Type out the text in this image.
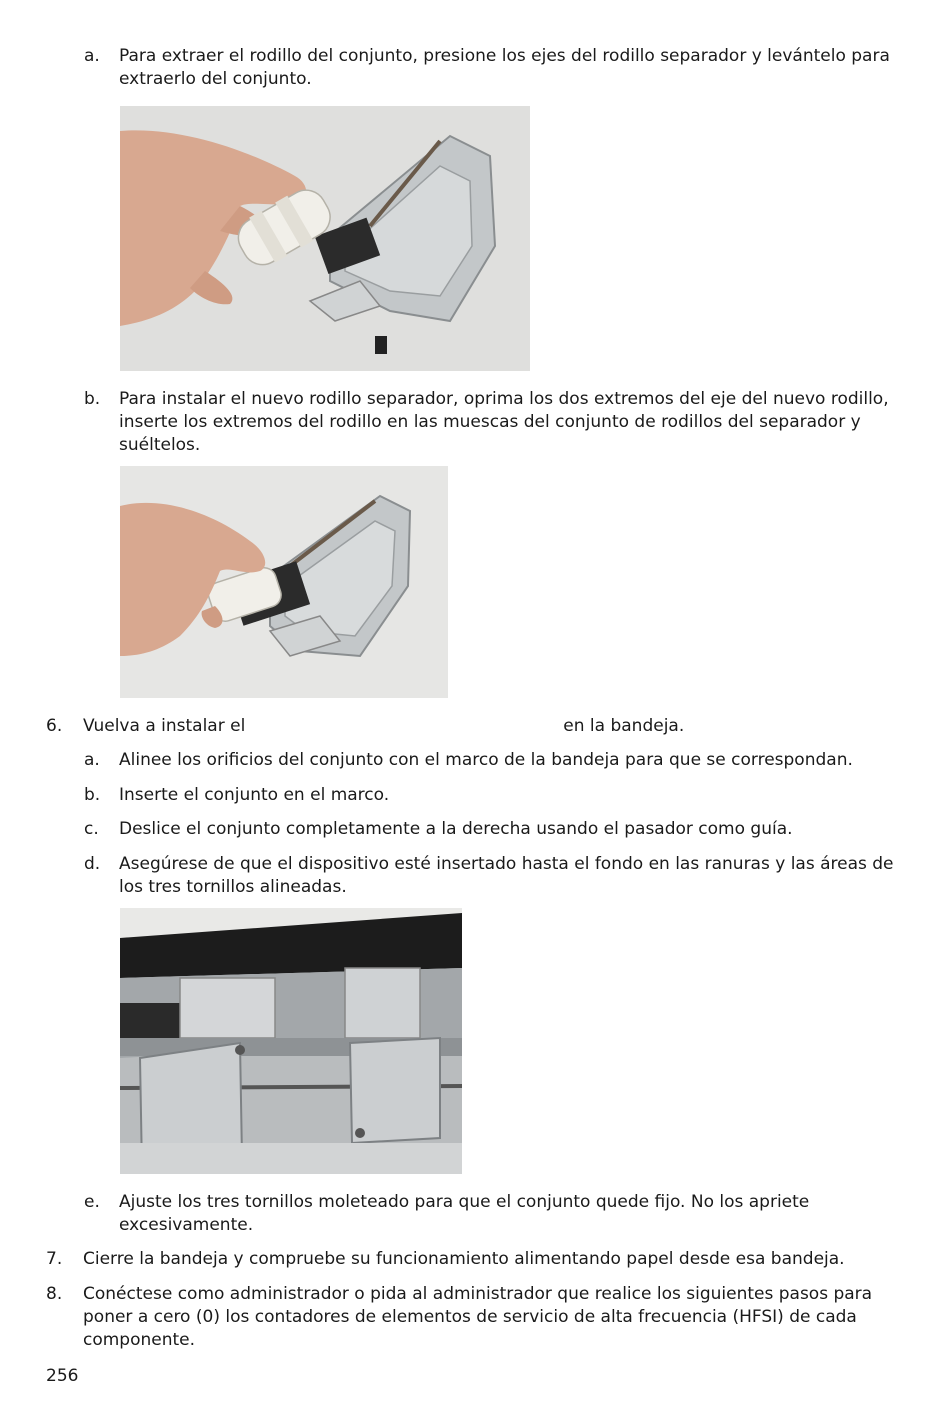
a. Para extraer el rodillo del conjunto, presione los ejes del rodillo separador y levántelo para extraerlo del conjunto.
b. Para instalar el nuevo rodillo separador, oprima los dos extremos del eje del nuevo rodillo, inserte los extremos del rodillo en las muescas del conjunto de rodillos del separador y suéltelos.
6. Vuelva a instalar el	en la bandeja.
a. Alinee los orificios del conjunto con el marco de la bandeja para que se correspondan.
b. Inserte el conjunto en el marco.
c. Deslice el conjunto completamente a la derecha usando el pasador como guía.
d. Asegúrese de que el dispositivo esté insertado hasta el fondo en las ranuras y las áreas de los tres tornillos alineadas.
e. Ajuste los tres tornillos moleteado para que el conjunto quede fijo. No los apriete excesivamente.
7. Cierre la bandeja y compruebe su funcionamiento alimentando papel desde esa bandeja.
8. Conéctese como administrador o pida al administrador que realice los siguientes pasos para poner a cero (0) los contadores de elementos de servicio de alta frecuencia (HFSI) de cada componente.
256
